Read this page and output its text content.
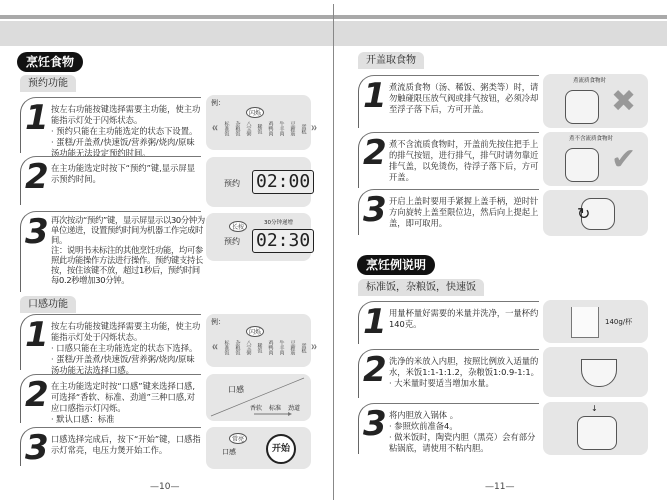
烹饪食物
预约功能
1 按左右功能按键选择需要主功能，使主功能指示灯处于闪烁状态。
· 预约只能在主功能选定的状态下设置。
· 蛋糕/开盖煮/快速饭/营养粥/烧肉/原味汤功能无法设定预约时间。
例：
闪烁
《《 标准饭 杂粮饭 八宝粥 稀饭 鸡鸭肉 牛羊肉 豆蹄筋 蛋糕 》》
2 在主功能选定时按下“预约”键,显示屏显示预约时间。	预约 02:00
3 再次按动“预约”键，显示屏显示以30分钟为单位递进，设置预约时间为机器工作完成时间。
注：说明书未标注的其他烹饪功能，均可参照此功能操作方法进行操作。预约键支持长按，按住该键不放，超过1秒后，预约时间每0.2秒增加30分钟。
长按
预约
30分钟递增
02:30
口感功能
1 按左右功能按键选择需要主功能，使主功能指示灯处于闪烁状态。
· 口感只能在主功能选定的状态下选择。
· 蛋糕/开盖煮/快速饭/营养粥/烧肉/原味汤功能无法选择口感。
例：
闪烁
《《 标准饭 杂粮饭 八宝粥 稀饭 鸡鸭肉 牛羊肉 豆蹄筋 蛋糕 》》
2 在主功能选定时按“口感”键来选择口感,可选择“香软、标准、劲道”三种口感,对应口感指示灯闪烁。
· 默认口感：标准
口感
香软 标准 劲道
3 口感选择完成后，按下“开始”键，口感指示灯常亮，电压力煲开始工作。
常亮
口感	开始
—10—
开盖取食物
1 煮流质食物（汤、稀饭、粥类等）时，请勿触碰限压放气阀或排气按钮，必须冷却至浮子落下后，方可开盖。
煮流质食物时
✖
2 煮不含流质食物时，开盖前先按住把手上的排气按钮，进行排气，排气时请勿靠近排气盖，以免烫伤，待浮子落下后，方可开盖。
煮不含流质食物时
✔
3 开启上盖时要用手紧握上盖手柄，逆时针方向旋转上盖至限位边，然后向上提起上盖，即可取用。	↻
烹饪例说明
标准饭，杂粮饭，快速饭
1 用量杯量好需要的米量并洗净，一量杯约140克。	140g/杯
2 洗净的米放入内胆，按照比例放入适量的水，米饭1:1-1:1.2，杂粮饭1:0.9-1:1。
· 大米量时要适当增加水量。
3 将内胆放入锅体 。
· 参照炊前准备4。
· 做米饭时，陶瓷内胆（黑亮）会有部分粘锅底，请使用不粘内胆。
↓
—11—
